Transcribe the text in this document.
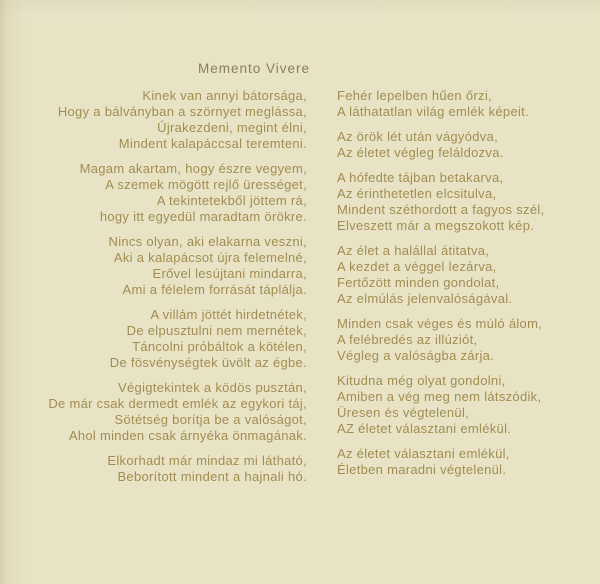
Memento Vivere
Kinek van annyi bátorsága,
Hogy a bálványban a szörnyet meglássa,
Újrakezdeni, megint élni,
Mindent kalapáccsal teremteni.
Magam akartam, hogy észre vegyem,
A szemek mögött rejlő ürességet,
A tekintetekből jöttem rá,
hogy itt egyedül maradtam örökre.
Nincs olyan, aki elakarna veszni,
Aki a kalapácsot újra felemelné,
Erővel lesújtani mindarra,
Ami a félelem forrását táplálja.
A villám jöttét hirdetnétek,
De elpusztulni nem mernétek,
Táncolni próbáltok a kötélen,
De fösvénységtek üvölt az égbe.
Végigtekintek a ködös pusztán,
De már csak dermedt emlék az egykori táj,
Sötétség borítja be a valóságot,
Ahol minden csak árnyéka önmagának.
Elkorhadt már mindaz mi látható,
Beborított mindent a hajnali hó.
Fehér lepelben hűen őrzi,
A láthatatlan világ emlék képeit.
Az örök lét után vágyódva,
Az életet végleg feláldozva.
A hófedte tájban betakarva,
Az érinthetetlen elcsitulva,
Mindent széthordott a fagyos szél,
Elveszett már a megszokott kép.
Az élet a halállal átitatva,
A kezdet a véggel lezárva,
Fertőzött minden gondolat,
Az elmúlás jelenvalóságával.
Minden csak véges és múló álom,
A felébredés az illúziót,
Végleg a valóságba zárja.
Kitudna még olyat gondolni,
Amiben a vég meg nem látszódik,
Üresen és végtelenül,
AZ életet választani emlékül.
Az életet választani emlékül,
Életben maradni végtelenül.
